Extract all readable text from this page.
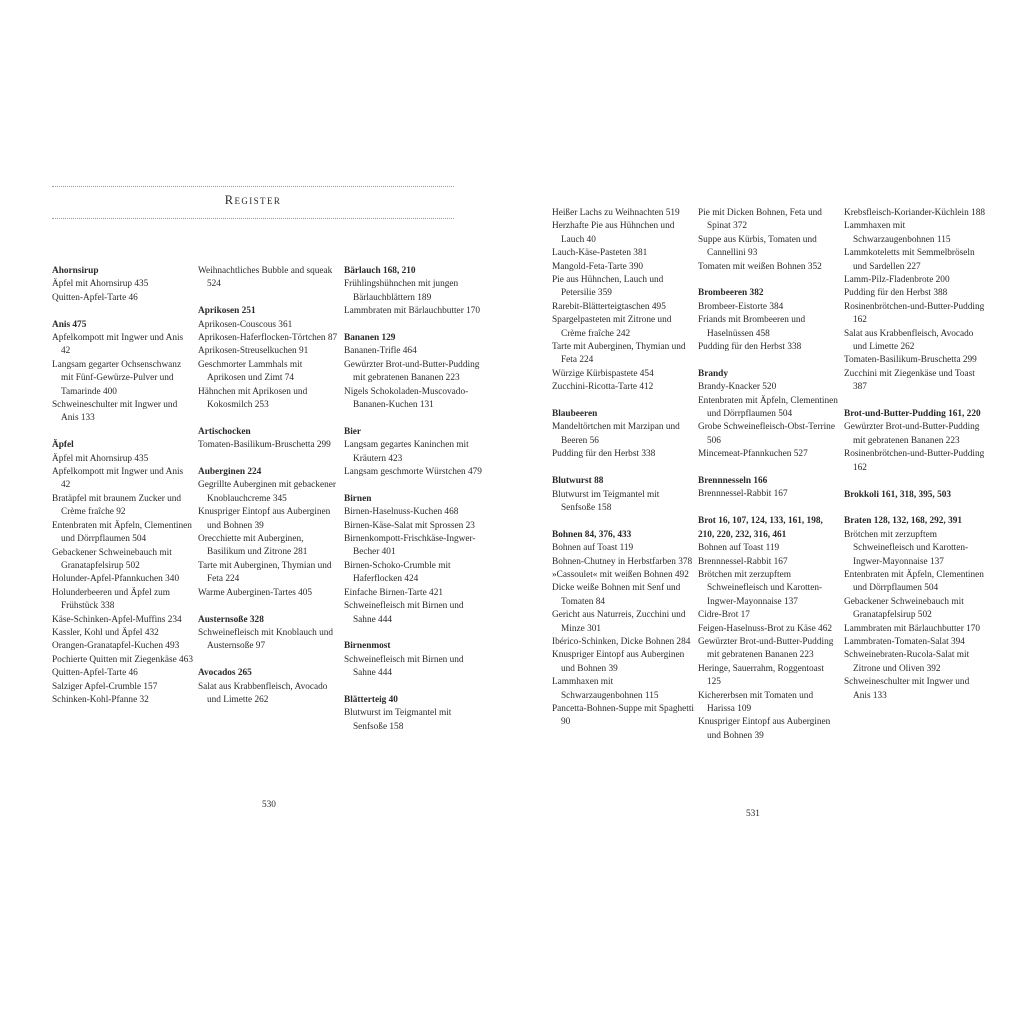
Register
Ahornsirup
Äpfel mit Ahornsirup 435
Quitten-Apfel-Tarte 46
Anis 475
Apfelkompott mit Ingwer und Anis 42
Langsam gegarter Ochsenschwanz mit Fünf-Gewürze-Pulver und Tamarinde 400
Schweineschulter mit Ingwer und Anis 133
Äpfel
Äpfel mit Ahornsirup 435
Apfelkompott mit Ingwer und Anis 42
Bratäpfel mit braunem Zucker und Crème fraîche 92
Entenbraten mit Äpfeln, Clementinen und Dörrpflaumen 504
Gebackener Schweinebauch mit Granatapfelsirup 502
Holunder-Apfel-Pfannkuchen 340
Holunderbeeren und Äpfel zum Frühstück 338
Käse-Schinken-Apfel-Muffins 234
Kassler, Kohl und Äpfel 432
Orangen-Granatapfel-Kuchen 493
Pochierte Quitten mit Ziegenkäse 463
Quitten-Apfel-Tarte 46
Salziger Apfel-Crumble 157
Schinken-Kohl-Pfanne 32
Weihnachtliches Bubble and squeak 524
Aprikosen 251
Aprikosen-Couscous 361
Aprikosen-Haferflocken-Törtchen 87
Aprikosen-Streuselkuchen 91
Geschmorter Lammhals mit Aprikosen und Zimt 74
Hähnchen mit Aprikosen und Kokosmilch 253
Artischocken
Tomaten-Basilikum-Bruschetta 299
Auberginen 224
Gegrillte Auberginen mit gebackener Knoblauchcreme 345
Knuspriger Eintopf aus Auberginen und Bohnen 39
Orecchiette mit Auberginen, Basilikum und Zitrone 281
Tarte mit Auberginen, Thymian und Feta 224
Warme Auberginen-Tartes 405
Austernsoße 328
Schweinefleisch mit Knoblauch und Austernsoße 97
Avocados 265
Salat aus Krabbenfleisch, Avocado und Limette 262
Bärlauch 168, 210
Frühlingshühnchen mit jungen Bärlauchblättern 189
Lammbraten mit Bärlauchbutter 170
Bananen 129
Bananen-Trifle 464
Gewürzter Brot-und-Butter-Pudding mit gebratenen Bananen 223
Nigels Schokoladen-Muscovado-Bananen-Kuchen 131
Bier
Langsam gegartes Kaninchen mit Kräutern 423
Langsam geschmorte Würstchen 479
Birnen
Birnen-Haselnuss-Kuchen 468
Birnen-Käse-Salat mit Sprossen 23
Birnenkompott-Frischkäse-Ingwer-Becher 401
Birnen-Schoko-Crumble mit Haferflocken 424
Einfache Birnen-Tarte 421
Schweinefleisch mit Birnen und Sahne 444
Birnenmost
Schweinefleisch mit Birnen und Sahne 444
Blätterteig 40
Blutwurst im Teigmantel mit Senfsoße 158
Heißer Lachs zu Weihnachten 519
Herzhafte Pie aus Hühnchen und Lauch 40
Lauch-Käse-Pasteten 381
Mangold-Feta-Tarte 390
Pie aus Hühnchen, Lauch und Petersilie 359
Rarebit-Blätterteigtaschen 495
Spargelpasteten mit Zitrone und Crème fraîche 242
Tarte mit Auberginen, Thymian und Feta 224
Würzige Kürbispastete 454
Zucchini-Ricotta-Tarte 412
Blaubeeren
Mandeltörtchen mit Marzipan und Beeren 56
Pudding für den Herbst 338
Blutwurst 88
Blutwurst im Teigmantel mit Senfsoße 158
Bohnen 84, 376, 433
Bohnen auf Toast 119
Bohnen-Chutney in Herbstfarben 378
»Cassoulet« mit weißen Bohnen 492
Dicke weiße Bohnen mit Senf und Tomaten 84
Gericht aus Naturreis, Zucchini und Minze 301
Ibérico-Schinken, Dicke Bohnen 284
Knuspriger Eintopf aus Auberginen und Bohnen 39
Lammhaxen mit Schwarzaugenbohnen 115
Pancetta-Bohnen-Suppe mit Spaghetti 90
Pie mit Dicken Bohnen, Feta und Spinat 372
Suppe aus Kürbis, Tomaten und Cannellini 93
Tomaten mit weißen Bohnen 352
Brombeeren 382
Brombeer-Eistorte 384
Friands mit Brombeeren und Haselnüssen 458
Pudding für den Herbst 338
Brandy
Brandy-Knacker 520
Entenbraten mit Äpfeln, Clementinen und Dörrpflaumen 504
Grobe Schweinefleisch-Obst-Terrine 506
Mincemeat-Pfannkuchen 527
Brennnesseln 166
Brennnessel-Rabbit 167
Brot 16, 107, 124, 133, 161, 198, 210, 220, 232, 316, 461
Bohnen auf Toast 119
Brennnessel-Rabbit 167
Brötchen mit zerzupftem Schweinefleisch und Karotten-Ingwer-Mayonnaise 137
Cidre-Brot 17
Feigen-Haselnuss-Brot zu Käse 462
Gewürzter Brot-und-Butter-Pudding mit gebratenen Bananen 223
Heringe, Sauerrahm, Roggentoast 125
Kichererbsen mit Tomaten und Harissa 109
Knuspriger Eintopf aus Auberginen und Bohnen 39
Krebsfleisch-Koriander-Küchlein 188
Lammhaxen mit Schwarzaugenbohnen 115
Lammkoteletts mit Semmelbröseln und Sardellen 227
Lamm-Pilz-Fladenbrote 200
Pudding für den Herbst 388
Rosinenbrötchen-und-Butter-Pudding 162
Salat aus Krabbenfleisch, Avocado und Limette 262
Tomaten-Basilikum-Bruschetta 299
Zucchini mit Ziegenkäse und Toast 387
Brot-und-Butter-Pudding 161, 220
Gewürzter Brot-und-Butter-Pudding mit gebratenen Bananen 223
Rosinenbrötchen-und-Butter-Pudding 162
Brokkoli 161, 318, 395, 503
Braten 128, 132, 168, 292, 391
Brötchen mit zerzupftem Schweinefleisch und Karotten-Ingwer-Mayonnaise 137
Entenbraten mit Äpfeln, Clementinen und Dörrpflaumen 504
Gebackener Schweinebauch mit Granatapfelsirup 502
Lammbraten mit Bärlauchbutter 170
Lammbraten-Tomaten-Salat 394
Schweinebraten-Rucola-Salat mit Zitrone und Oliven 392
Schweineschulter mit Ingwer und Anis 133
530
531
